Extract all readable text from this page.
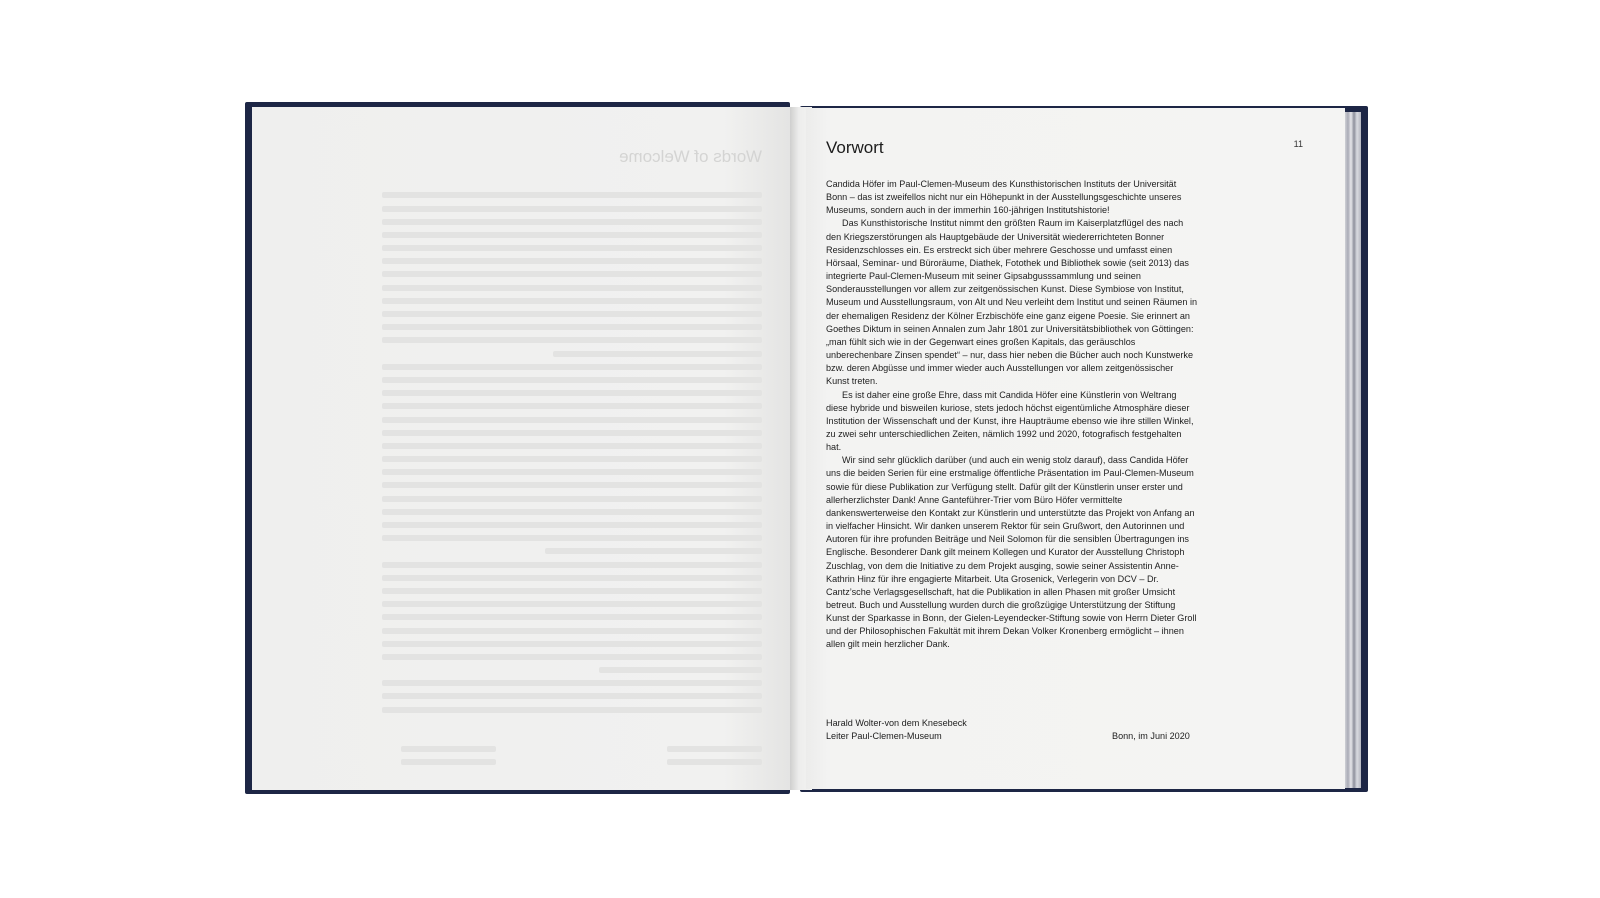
Words of Welcome	Vorwort	11

Candida Höfer im Paul-Clemen-Museum des Kunsthistorischen Instituts der Universität Bonn – das ist zweifellos nicht nur ein Höhepunkt in der Ausstellungsgeschichte unseres Museums, sondern auch in der immerhin 160-jährigen Institutshistorie!

Das Kunsthistorische Institut nimmt den größten Raum im Kaiserplatzflügel des nach den Kriegszerstörungen als Hauptgebäude der Universität wiedererrichteten Bonner Residenzschlosses ein. Es erstreckt sich über mehrere Geschosse und umfasst einen Hörsaal, Seminar- und Büroräume, Diathek, Fotothek und Bibliothek sowie (seit 2013) das integrierte Paul-Clemen-Museum mit seiner Gipsabgusssammlung und seinen Sonderausstellungen vor allem zur zeitgenössischen Kunst. Diese Symbiose von Institut, Museum und Ausstellungsraum, von Alt und Neu verleiht dem Institut und seinen Räumen in der ehemaligen Residenz der Kölner Erzbischöfe eine ganz eigene Poesie. Sie erinnert an Goethes Diktum in seinen Annalen zum Jahr 1801 zur Universitätsbibliothek von Göttingen: „man fühlt sich wie in der Gegenwart eines großen Kapitals, das geräuschlos unberechenbare Zinsen spendet“ – nur, dass hier neben die Bücher auch noch Kunstwerke bzw. deren Abgüsse und immer wieder auch Ausstellungen vor allem zeitgenössischer Kunst treten.

Es ist daher eine große Ehre, dass mit Candida Höfer eine Künstlerin von Weltrang diese hybride und bisweilen kuriose, stets jedoch höchst eigentümliche Atmosphäre dieser Institution der Wissenschaft und der Kunst, ihre Haupträume ebenso wie ihre stillen Winkel, zu zwei sehr unterschiedlichen Zeiten, nämlich 1992 und 2020, fotografisch festgehalten hat.

Wir sind sehr glücklich darüber (und auch ein wenig stolz darauf), dass Candida Höfer uns die beiden Serien für eine erstmalige öffentliche Präsentation im Paul-Clemen-Museum sowie für diese Publikation zur Verfügung stellt. Dafür gilt der Künstlerin unser erster und allerherzlichster Dank! Anne Ganteführer-Trier vom Büro Höfer vermittelte dankenswerterweise den Kontakt zur Künstlerin und unterstützte das Projekt von Anfang an in vielfacher Hinsicht. Wir danken unserem Rektor für sein Grußwort, den Autorinnen und Autoren für ihre profunden Beiträge und Neil Solomon für die sensiblen Übertragungen ins Englische. Besonderer Dank gilt meinem Kollegen und Kurator der Ausstellung Christoph Zuschlag, von dem die Initiative zu dem Projekt ausging, sowie seiner Assistentin Anne-Kathrin Hinz für ihre engagierte Mitarbeit. Uta Grosenick, Verlegerin von DCV – Dr. Cantz’sche Verlagsgesellschaft, hat die Publikation in allen Phasen mit großer Umsicht betreut. Buch und Ausstellung wurden durch die großzügige Unterstützung der Stiftung Kunst der Sparkasse in Bonn, der Gielen-Leyendecker-Stiftung sowie von Herrn Dieter Groll und der Philosophischen Fakultät mit ihrem Dekan Volker Kronenberg ermöglicht – ihnen allen gilt mein herzlicher Dank.

Harald Wolter-von dem Knesebeck
Leiter Paul-Clemen-Museum	Bonn, im Juni 2020
